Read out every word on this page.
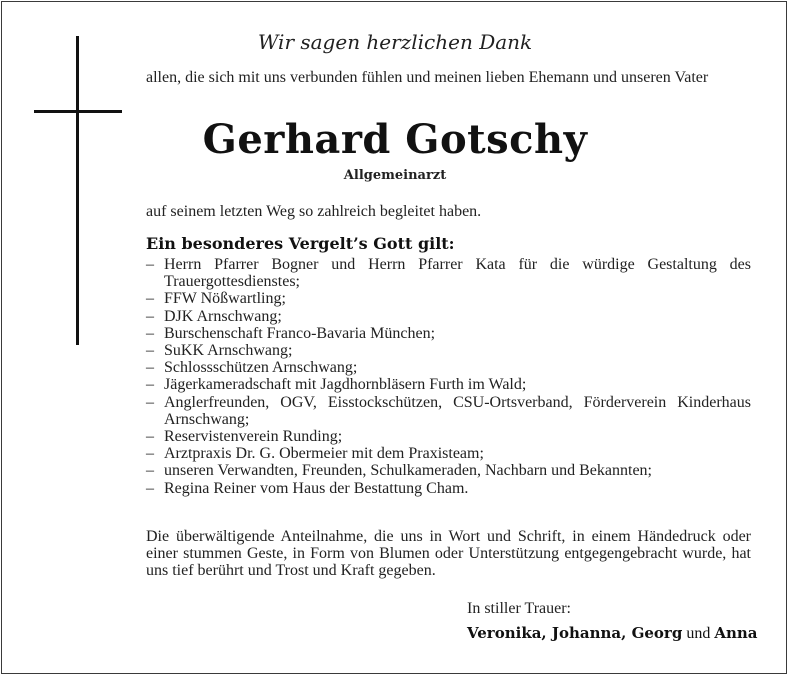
Wir sagen herzlichen Dank
allen, die sich mit uns verbunden fühlen und meinen lieben Ehemann und unseren Vater
Gerhard Gotschy
Allgemeinarzt
auf seinem letzten Weg so zahlreich begleitet haben.
Ein besonderes Vergelt’s Gott gilt:
– Herrn Pfarrer Bogner und Herrn Pfarrer Kata für die würdige Gestaltung des Trauergottesdienstes;
– FFW Nößwartling;
– DJK Arnschwang;
– Burschenschaft Franco-Bavaria München;
– SuKK Arnschwang;
– Schlossschützen Arnschwang;
– Jägerkameradschaft mit Jagdhornbläsern Furth im Wald;
– Anglerfreunden, OGV, Eisstockschützen, CSU-Ortsverband, Förderverein Kinderhaus Arnschwang;
– Reservistenverein Runding;
– Arztpraxis Dr. G. Obermeier mit dem Praxisteam;
– unseren Verwandten, Freunden, Schulkameraden, Nachbarn und Bekannten;
– Regina Reiner vom Haus der Bestattung Cham.
Die überwältigende Anteilnahme, die uns in Wort und Schrift, in einem Händedruck oder einer stummen Geste, in Form von Blumen oder Unterstützung entgegengebracht wurde, hat uns tief berührt und Trost und Kraft gegeben.
In stiller Trauer:
Veronika, Johanna, Georg und Anna
